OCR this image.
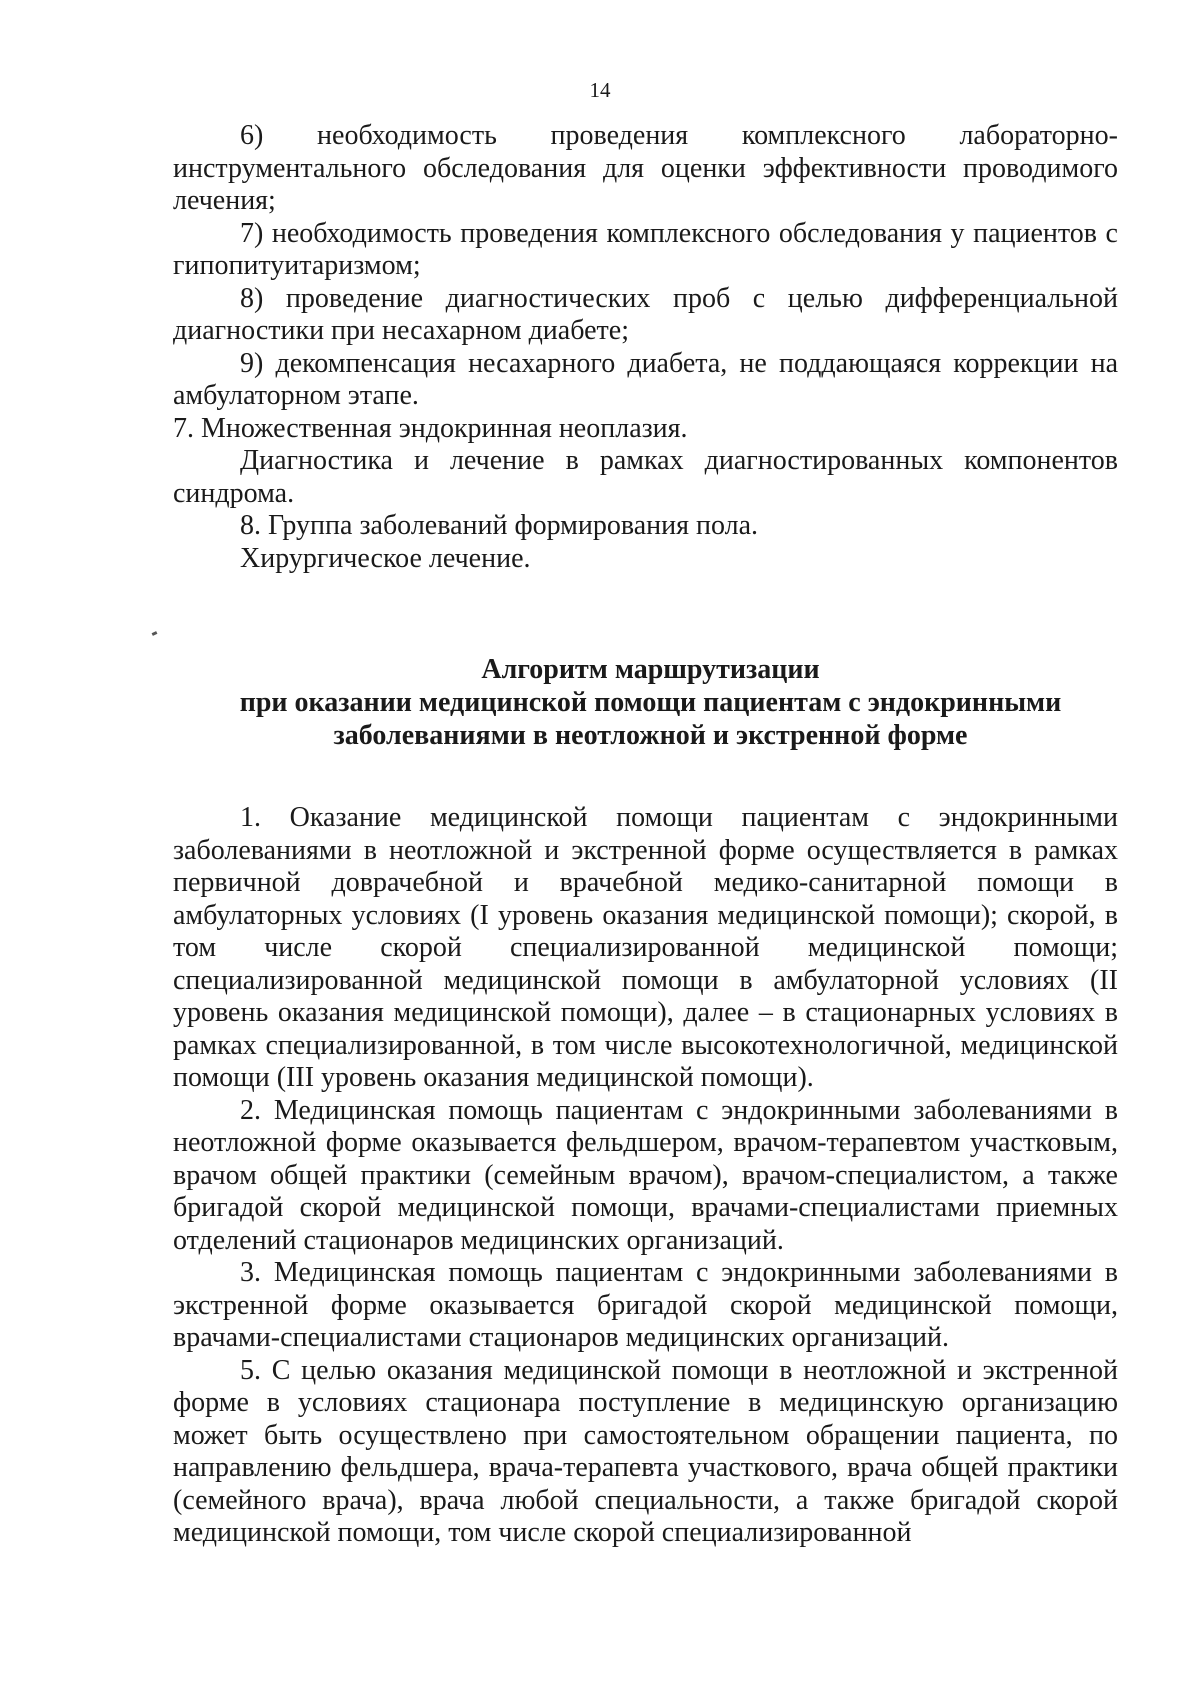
14

6) необходимость проведения комплексного лабораторно-инструментального обследования для оценки эффективности проводимого лечения;

7) необходимость проведения комплексного обследования у пациентов с гипопитуитаризмом;

8) проведение диагностических проб с целью дифференциальной диагностики при несахарном диабете;

9) декомпенсация несахарного диабета, не поддающаяся коррекции на амбулаторном этапе.

7. Множественная эндокринная неоплазия.

Диагностика и лечение в рамках диагностированных компонентов синдрома.

8. Группа заболеваний формирования пола.

Хирургическое лечение.

Алгоритм маршрутизации
при оказании медицинской помощи пациентам с эндокринными
заболеваниями в неотложной и экстренной форме

1. Оказание медицинской помощи пациентам с эндокринными заболеваниями в неотложной и экстренной форме осуществляется в рамках первичной доврачебной и врачебной медико-санитарной помощи в амбулаторных условиях (I уровень оказания медицинской помощи); скорой, в том числе скорой специализированной медицинской помощи; специализированной медицинской помощи в амбулаторной условиях (II уровень оказания медицинской помощи), далее – в стационарных условиях в рамках специализированной, в том числе высокотехнологичной, медицинской помощи (III уровень оказания медицинской помощи).

2. Медицинская помощь пациентам с эндокринными заболеваниями в неотложной форме оказывается фельдшером, врачом-терапевтом участковым, врачом общей практики (семейным врачом), врачом-специалистом, а также бригадой скорой медицинской помощи, врачами-специалистами приемных отделений стационаров медицинских организаций.

3. Медицинская помощь пациентам с эндокринными заболеваниями в экстренной форме оказывается бригадой скорой медицинской помощи, врачами-специалистами стационаров медицинских организаций.

5. С целью оказания медицинской помощи в неотложной и экстренной форме в условиях стационара поступление в медицинскую организацию может быть осуществлено при самостоятельном обращении пациента, по направлению фельдшера, врача-терапевта участкового, врача общей практики (семейного врача), врача любой специальности, а также бригадой скорой медицинской помощи, том числе скорой специализированной
